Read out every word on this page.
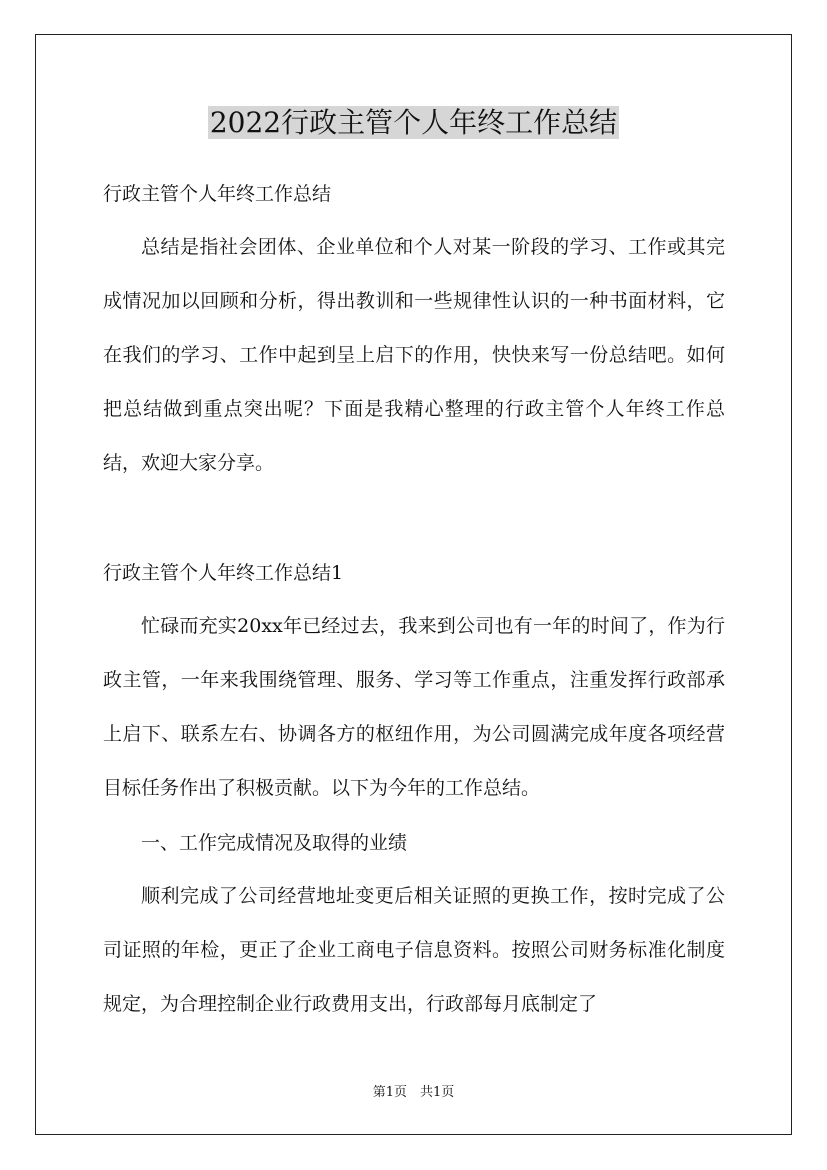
2022行政主管个人年终工作总结

行政主管个人年终工作总结

总结是指社会团体、企业单位和个人对某一阶段的学习、工作或其完成情况加以回顾和分析，得出教训和一些规律性认识的一种书面材料，它在我们的学习、工作中起到呈上启下的作用，快快来写一份总结吧。如何把总结做到重点突出呢？下面是我精心整理的行政主管个人年终工作总结，欢迎大家分享。

行政主管个人年终工作总结1

忙碌而充实20xx年已经过去，我来到公司也有一年的时间了，作为行政主管，一年来我围绕管理、服务、学习等工作重点，注重发挥行政部承上启下、联系左右、协调各方的枢纽作用，为公司圆满完成年度各项经营目标任务作出了积极贡献。以下为今年的工作总结。

一、工作完成情况及取得的业绩

顺利完成了公司经营地址变更后相关证照的更换工作，按时完成了公司证照的年检，更正了企业工商电子信息资料。按照公司财务标准化制度规定，为合理控制企业行政费用支出，行政部每月底制定了

第1页　共1页
